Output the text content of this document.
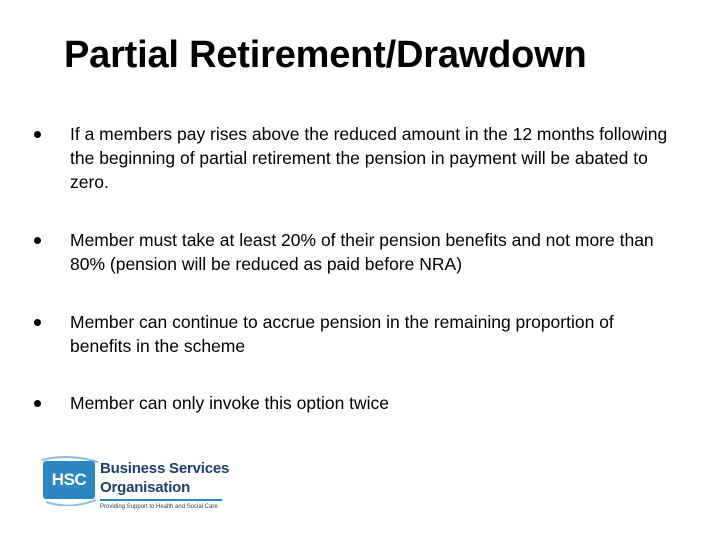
Partial Retirement/Drawdown
If a members pay rises above the reduced amount in the 12 months following the beginning of partial retirement the pension in payment will be abated to zero.
Member must take at least 20% of their pension benefits and not more than 80% (pension will be reduced as paid before NRA)
Member can continue to accrue pension in the remaining proportion of benefits in the scheme
Member can only invoke this option twice
HSC
Business Services
Organisation
Providing Support to Health and Social Care
